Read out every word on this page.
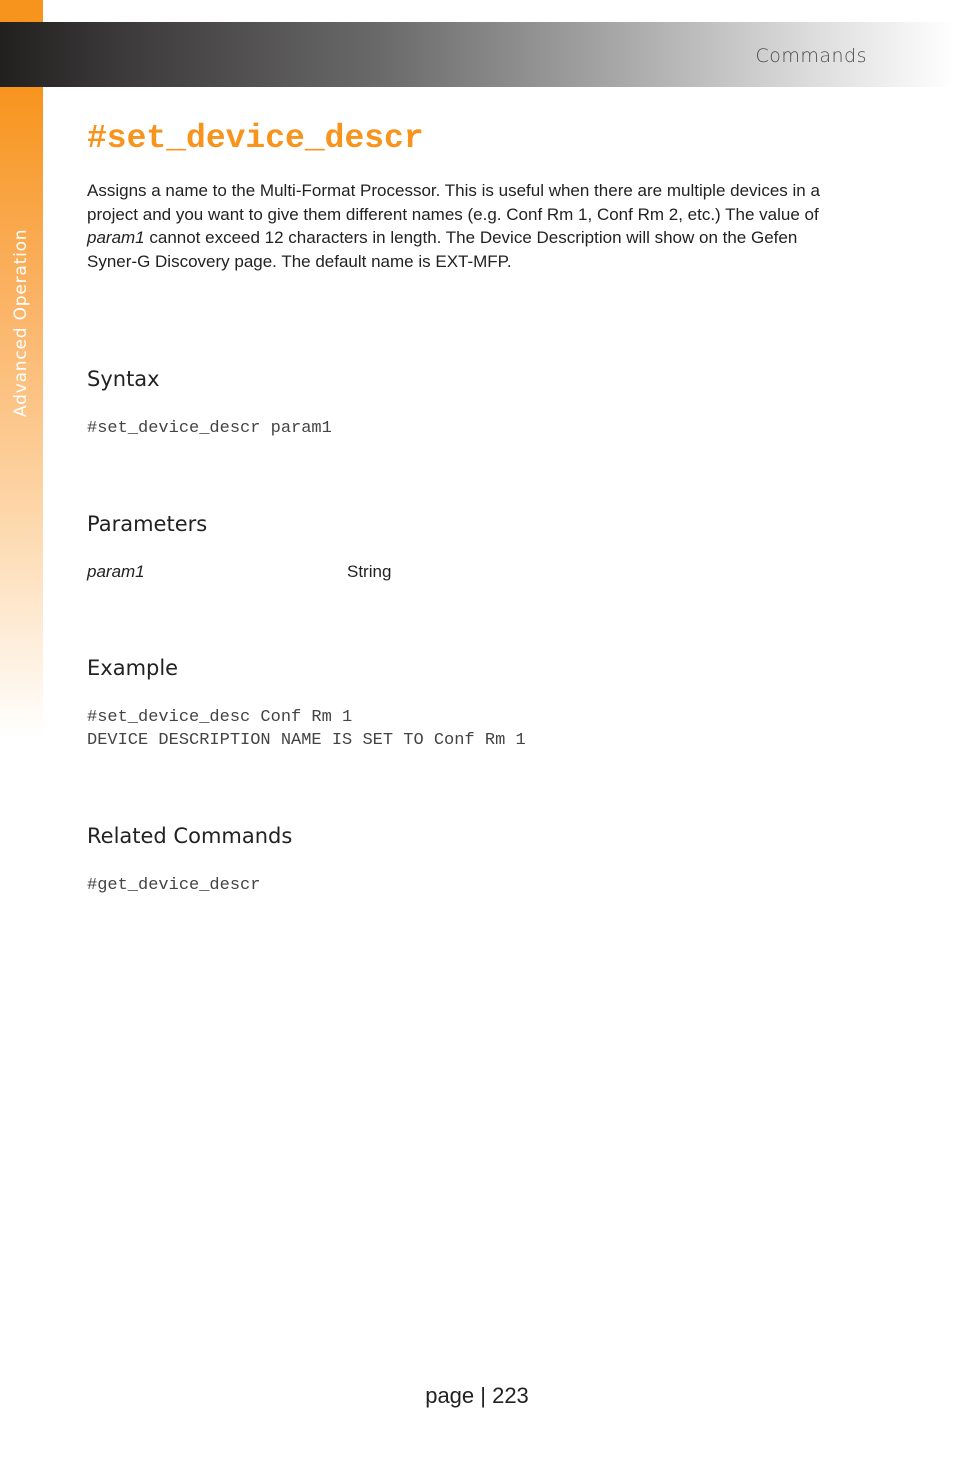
Commands
Advanced Operation
#set_device_descr

Assigns a name to the Multi-Format Processor. This is useful when there are multiple devices in a project and you want to give them different names (e.g. Conf Rm 1, Conf Rm 2, etc.) The value of param1 cannot exceed 12 characters in length. The Device Description will show on the Gefen Syner-G Discovery page. The default name is EXT-MFP.

Syntax
#set_device_descr param1
Parameters
param1	String
Example
#set_device_desc Conf Rm 1
DEVICE DESCRIPTION NAME IS SET TO Conf Rm 1
Related Commands
#get_device_descr
page | 223
